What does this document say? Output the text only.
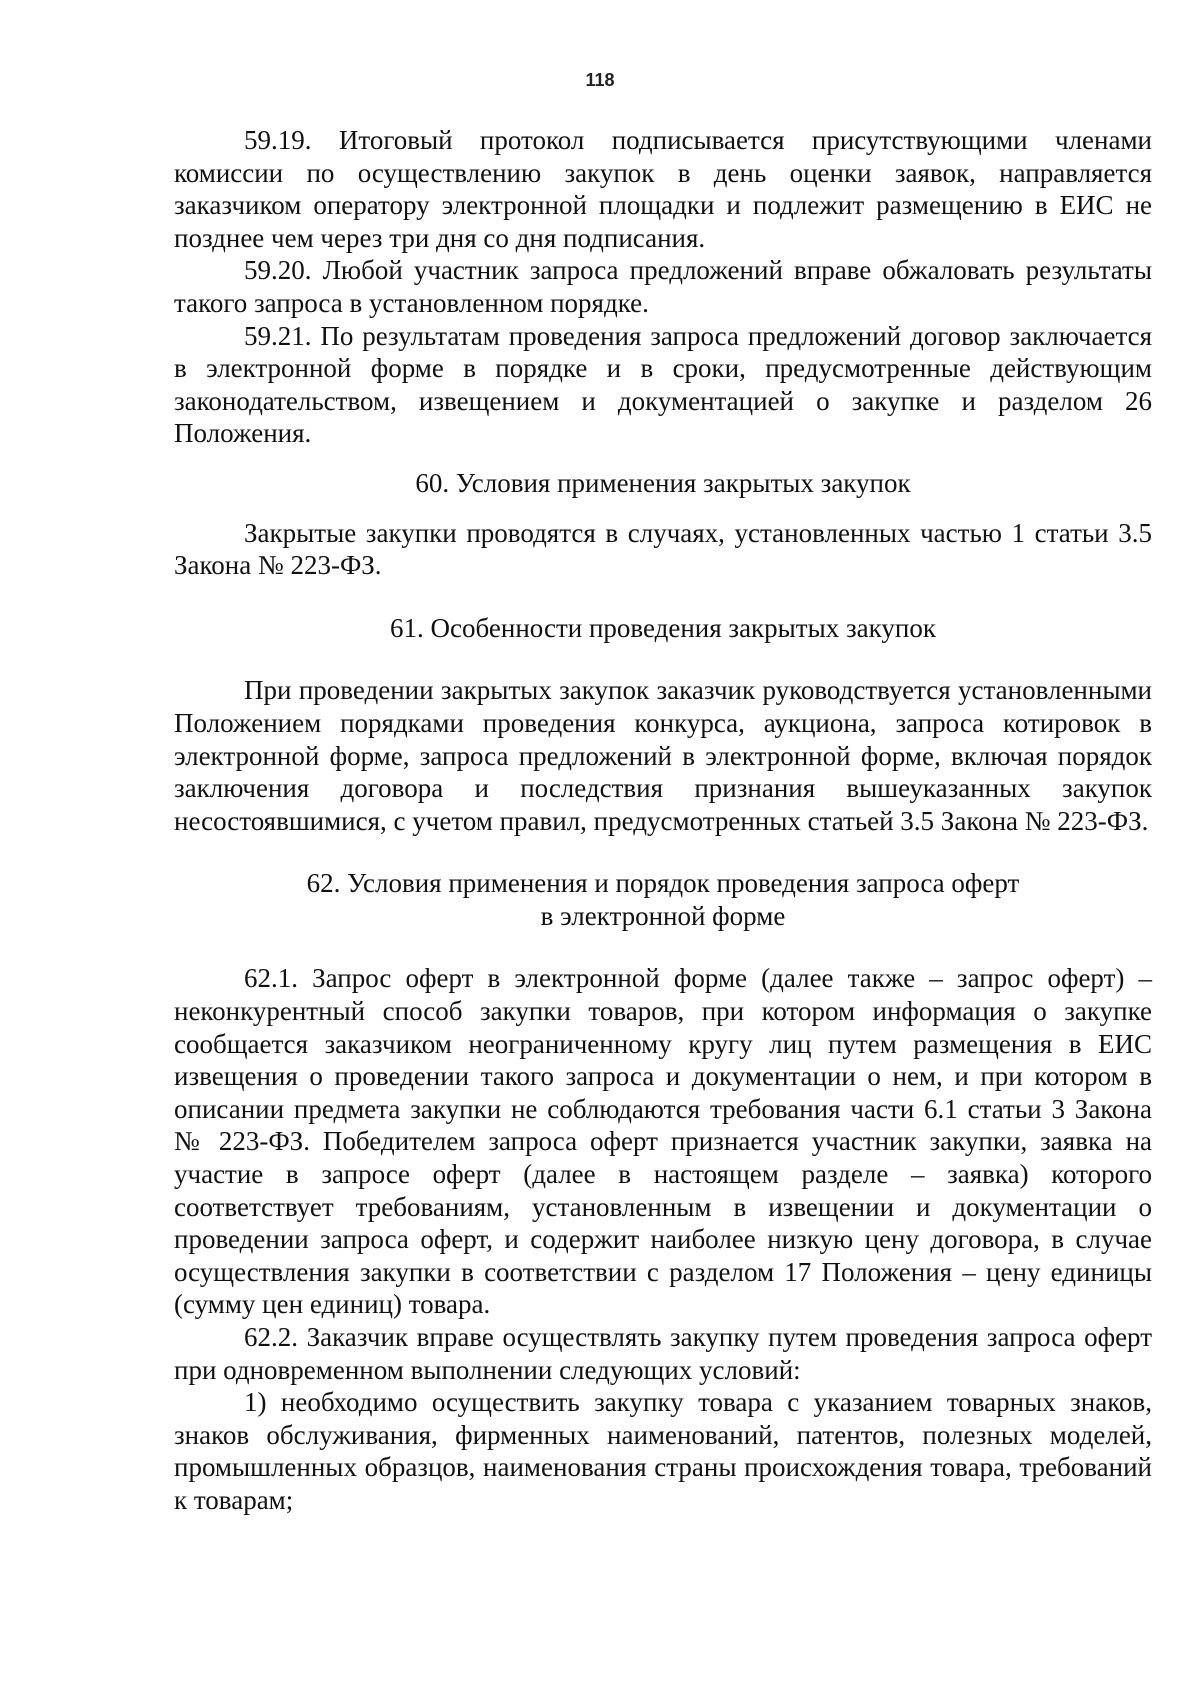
118

59.19. Итоговый протокол подписывается присутствующими членами комиссии по осуществлению закупок в день оценки заявок, направляется заказчиком оператору электронной площадки и подлежит размещению в ЕИС не позднее чем через три дня со дня подписания.

59.20. Любой участник запроса предложений вправе обжаловать результаты такого запроса в установленном порядке.

59.21. По результатам проведения запроса предложений договор заключается в электронной форме в порядке и в сроки, предусмотренные действующим законодательством, извещением и документацией о закупке и разделом 26 Положения.

60. Условия применения закрытых закупок

Закрытые закупки проводятся в случаях, установленных частью 1 статьи 3.5 Закона № 223-ФЗ.

61. Особенности проведения закрытых закупок

При проведении закрытых закупок заказчик руководствуется установленными Положением порядками проведения конкурса, аукциона, запроса котировок в электронной форме, запроса предложений в электронной форме, включая порядок заключения договора и последствия признания вышеуказанных закупок несостоявшимися, с учетом правил, предусмотренных статьей 3.5 Закона № 223-ФЗ.

62. Условия применения и порядок проведения запроса оферт
в электронной форме

62.1. Запрос оферт в электронной форме (далее также – запрос оферт) – неконкурентный способ закупки товаров, при котором информация о закупке сообщается заказчиком неограниченному кругу лиц путем размещения в ЕИС извещения о проведении такого запроса и документации о нем, и при котором в описании предмета закупки не соблюдаются требования части 6.1 статьи 3 Закона № 223-ФЗ. Победителем запроса оферт признается участник закупки, заявка на участие в запросе оферт (далее в настоящем разделе – заявка) которого соответствует требованиям, установленным в извещении и документации о проведении запроса оферт, и содержит наиболее низкую цену договора, в случае осуществления закупки в соответствии с разделом 17 Положения – цену единицы (сумму цен единиц) товара.

62.2. Заказчик вправе осуществлять закупку путем проведения запроса оферт при одновременном выполнении следующих условий:

1) необходимо осуществить закупку товара с указанием товарных знаков, знаков обслуживания, фирменных наименований, патентов, полезных моделей, промышленных образцов, наименования страны происхождения товара, требований к товарам;
